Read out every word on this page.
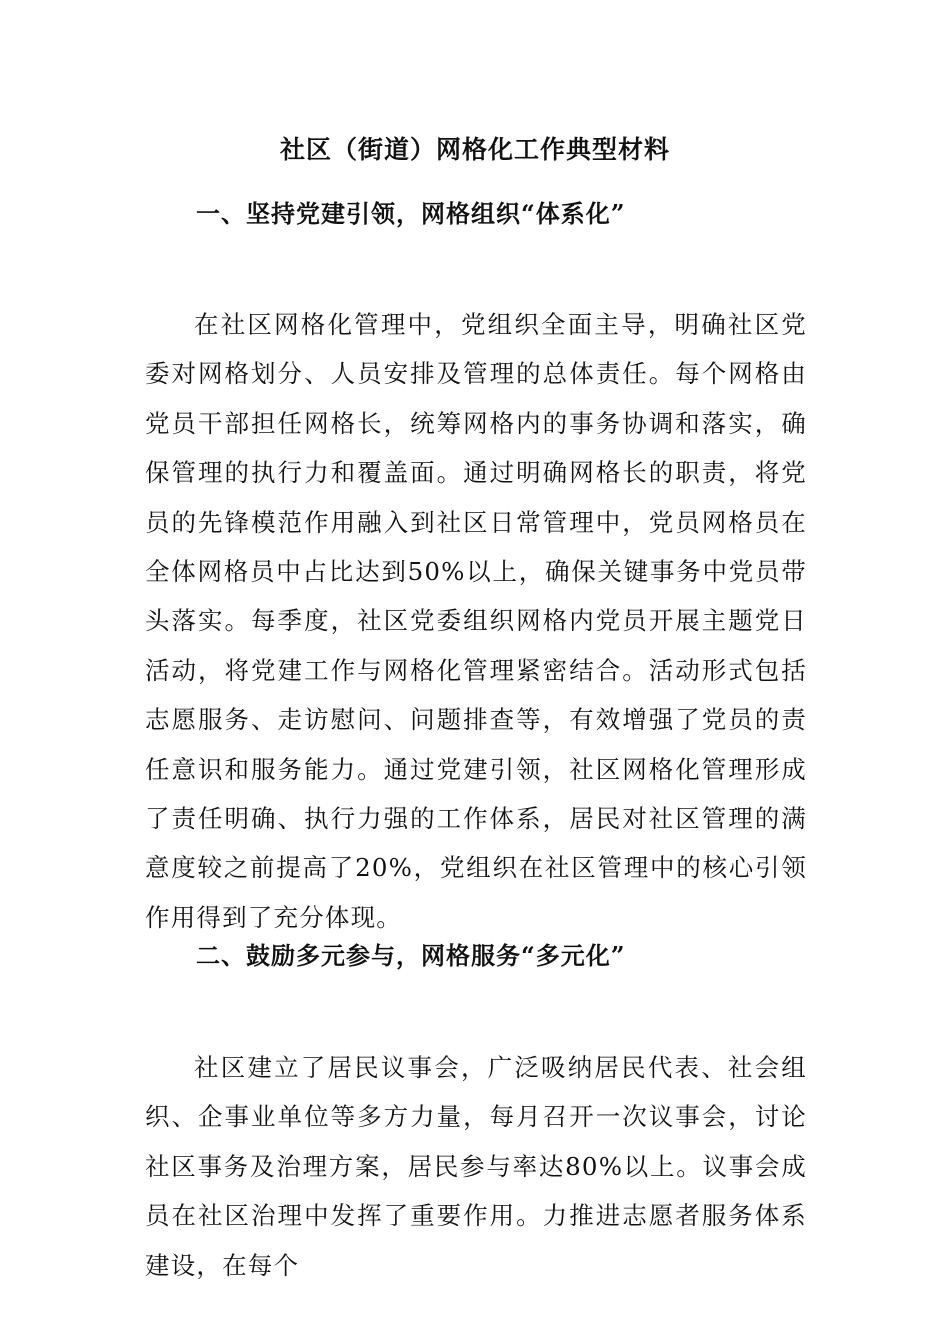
社区（街道）网格化工作典型材料
一、坚持党建引领，网格组织“体系化”

在社区网格化管理中，党组织全面主导，明确社区党委对网格划分、人员安排及管理的总体责任。每个网格由党员干部担任网格长，统筹网格内的事务协调和落实，确保管理的执行力和覆盖面。通过明确网格长的职责，将党员的先锋模范作用融入到社区日常管理中，党员网格员在全体网格员中占比达到50%以上，确保关键事务中党员带头落实。每季度，社区党委组织网格内党员开展主题党日活动，将党建工作与网格化管理紧密结合。活动形式包括志愿服务、走访慰问、问题排查等，有效增强了党员的责任意识和服务能力。通过党建引领，社区网格化管理形成了责任明确、执行力强的工作体系，居民对社区管理的满意度较之前提高了20%，党组织在社区管理中的核心引领作用得到了充分体现。

二、鼓励多元参与，网格服务“多元化”

社区建立了居民议事会，广泛吸纳居民代表、社会组织、企事业单位等多方力量，每月召开一次议事会，讨论社区事务及治理方案，居民参与率达80%以上。议事会成员在社区治理中发挥了重要作用。力推进志愿者服务体系建设，在每个
